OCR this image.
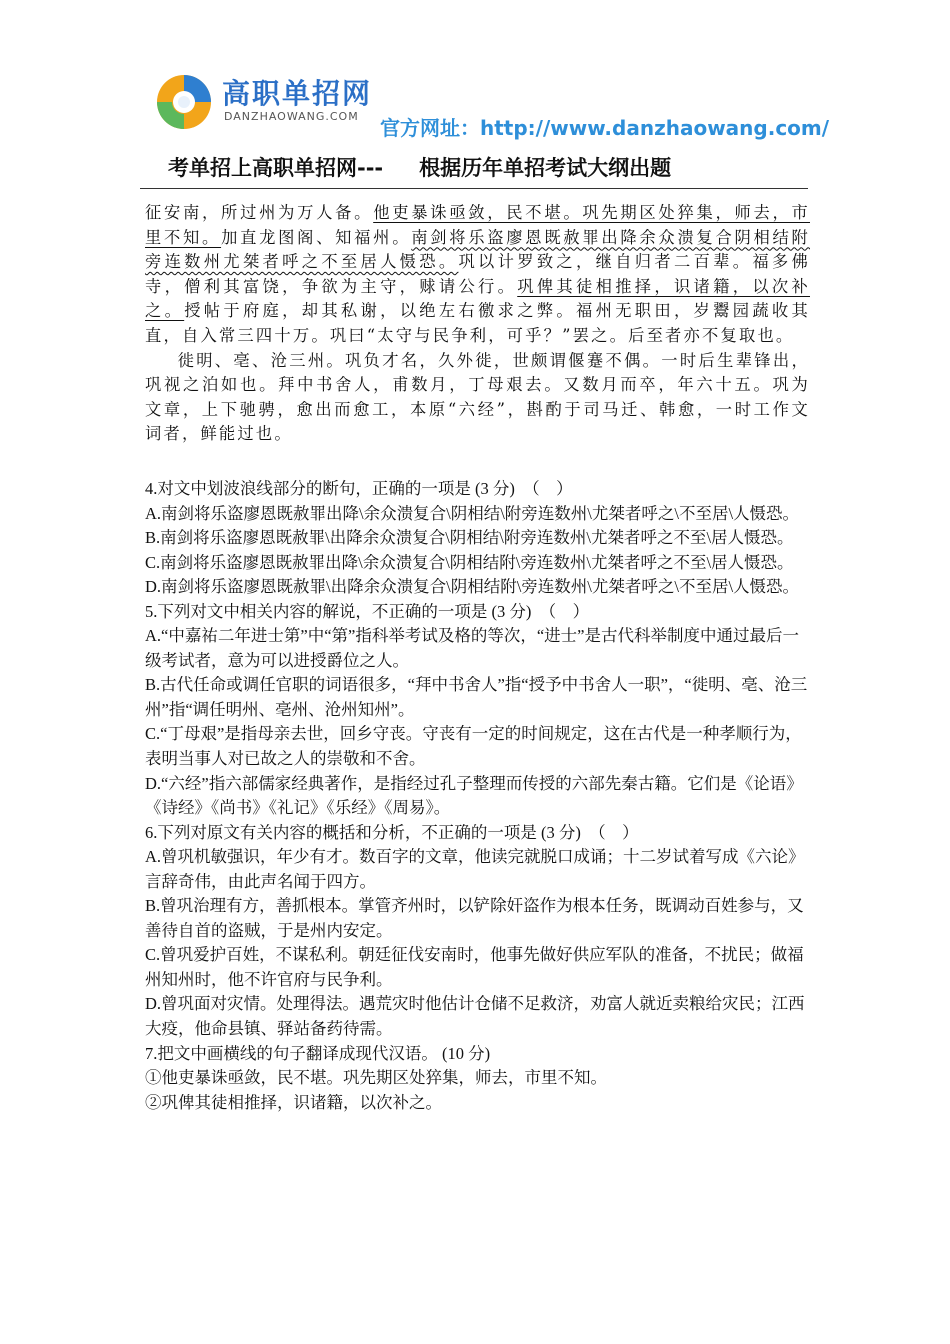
高职单招网
DANZHAOWANG.COM 官方网址：http://www.danzhaowang.com/
考单招上高职单招网--- 根据历年单招考试大纲出题

征安南，所过州为万人备。他吏暴诛亟敛，民不堪。巩先期区处猝集，师去，市里不知。加直龙图阁、知福州。南剑将乐盗廖恩既赦罪出降余众溃复合阴相结附旁连数州尤桀者呼之不至居人慑恐。巩以计罗致之，继自归者二百辈。福多佛寺，僧利其富饶，争欲为主守，赇请公行。巩俾其徒相推择，识诸籍，以次补之。授帖于府庭，却其私谢，以绝左右徼求之弊。福州无职田，岁鬻园蔬收其直，自入常三四十万。巩曰“太守与民争利，可乎？”罢之。后至者亦不复取也。

徙明、亳、沧三州。巩负才名，久外徙，世颇谓偃蹇不偶。一时后生辈锋出，巩视之泊如也。拜中书舍人，甫数月，丁母艰去。又数月而卒，年六十五。巩为文章，上下驰骋，愈出而愈工，本原“六经”，斟酌于司马迁、韩愈，一时工作文词者，鲜能过也。

4.对文中划波浪线部分的断句，正确的一项是 (3 分)　（　）
A.南剑将乐盗廖恩既赦罪出降\余众溃复合\阴相结\附旁连数州\尤桀者呼之\不至居\人慑恐。
B.南剑将乐盗廖恩既赦罪\出降余众溃复合\阴相结\附旁连数州\尤桀者呼之不至\居人慑恐。
C.南剑将乐盗廖恩既赦罪出降\余众溃复合\阴相结附\旁连数州\尤桀者呼之不至\居人慑恐。
D.南剑将乐盗廖恩既赦罪\出降余众溃复合\阴相结附\旁连数州\尤桀者呼之\不至居\人慑恐。
5.下列对文中相关内容的解说，不正确的一项是 (3 分)　（　）
A.“中嘉祐二年进士第”中“第”指科举考试及格的等次，“进士”是古代科举制度中通过最后一级考试者，意为可以进授爵位之人。
B.古代任命或调任官职的词语很多，“拜中书舍人”指“授予中书舍人一职”，“徙明、亳、沧三州”指“调任明州、亳州、沧州知州”。
C.“丁母艰”是指母亲去世，回乡守丧。守丧有一定的时间规定，这在古代是一种孝顺行为，表明当事人对已故之人的崇敬和不舍。
D.“六经”指六部儒家经典著作，是指经过孔子整理而传授的六部先秦古籍。它们是《论语》《诗经》《尚书》《礼记》《乐经》《周易》。
6.下列对原文有关内容的概括和分析，不正确的一项是 (3 分)　（　）
A.曾巩机敏强识，年少有才。数百字的文章，他读完就脱口成诵；十二岁试着写成《六论》言辞奇伟，由此声名闻于四方。
B.曾巩治理有方，善抓根本。掌管齐州时，以铲除奸盗作为根本任务，既调动百姓参与，又善待自首的盗贼，于是州内安定。
C.曾巩爱护百姓，不谋私利。朝廷征伐安南时，他事先做好供应军队的准备，不扰民；做福州知州时，他不许官府与民争利。
D.曾巩面对灾情。处理得法。遇荒灾时他估计仓储不足救济，劝富人就近卖粮给灾民；江西大疫，他命县镇、驿站备药待需。
7.把文中画横线的句子翻译成现代汉语。 (10 分)
①他吏暴诛亟敛，民不堪。巩先期区处猝集，师去，市里不知。
②巩俾其徒相推择，识诸籍，以次补之。
